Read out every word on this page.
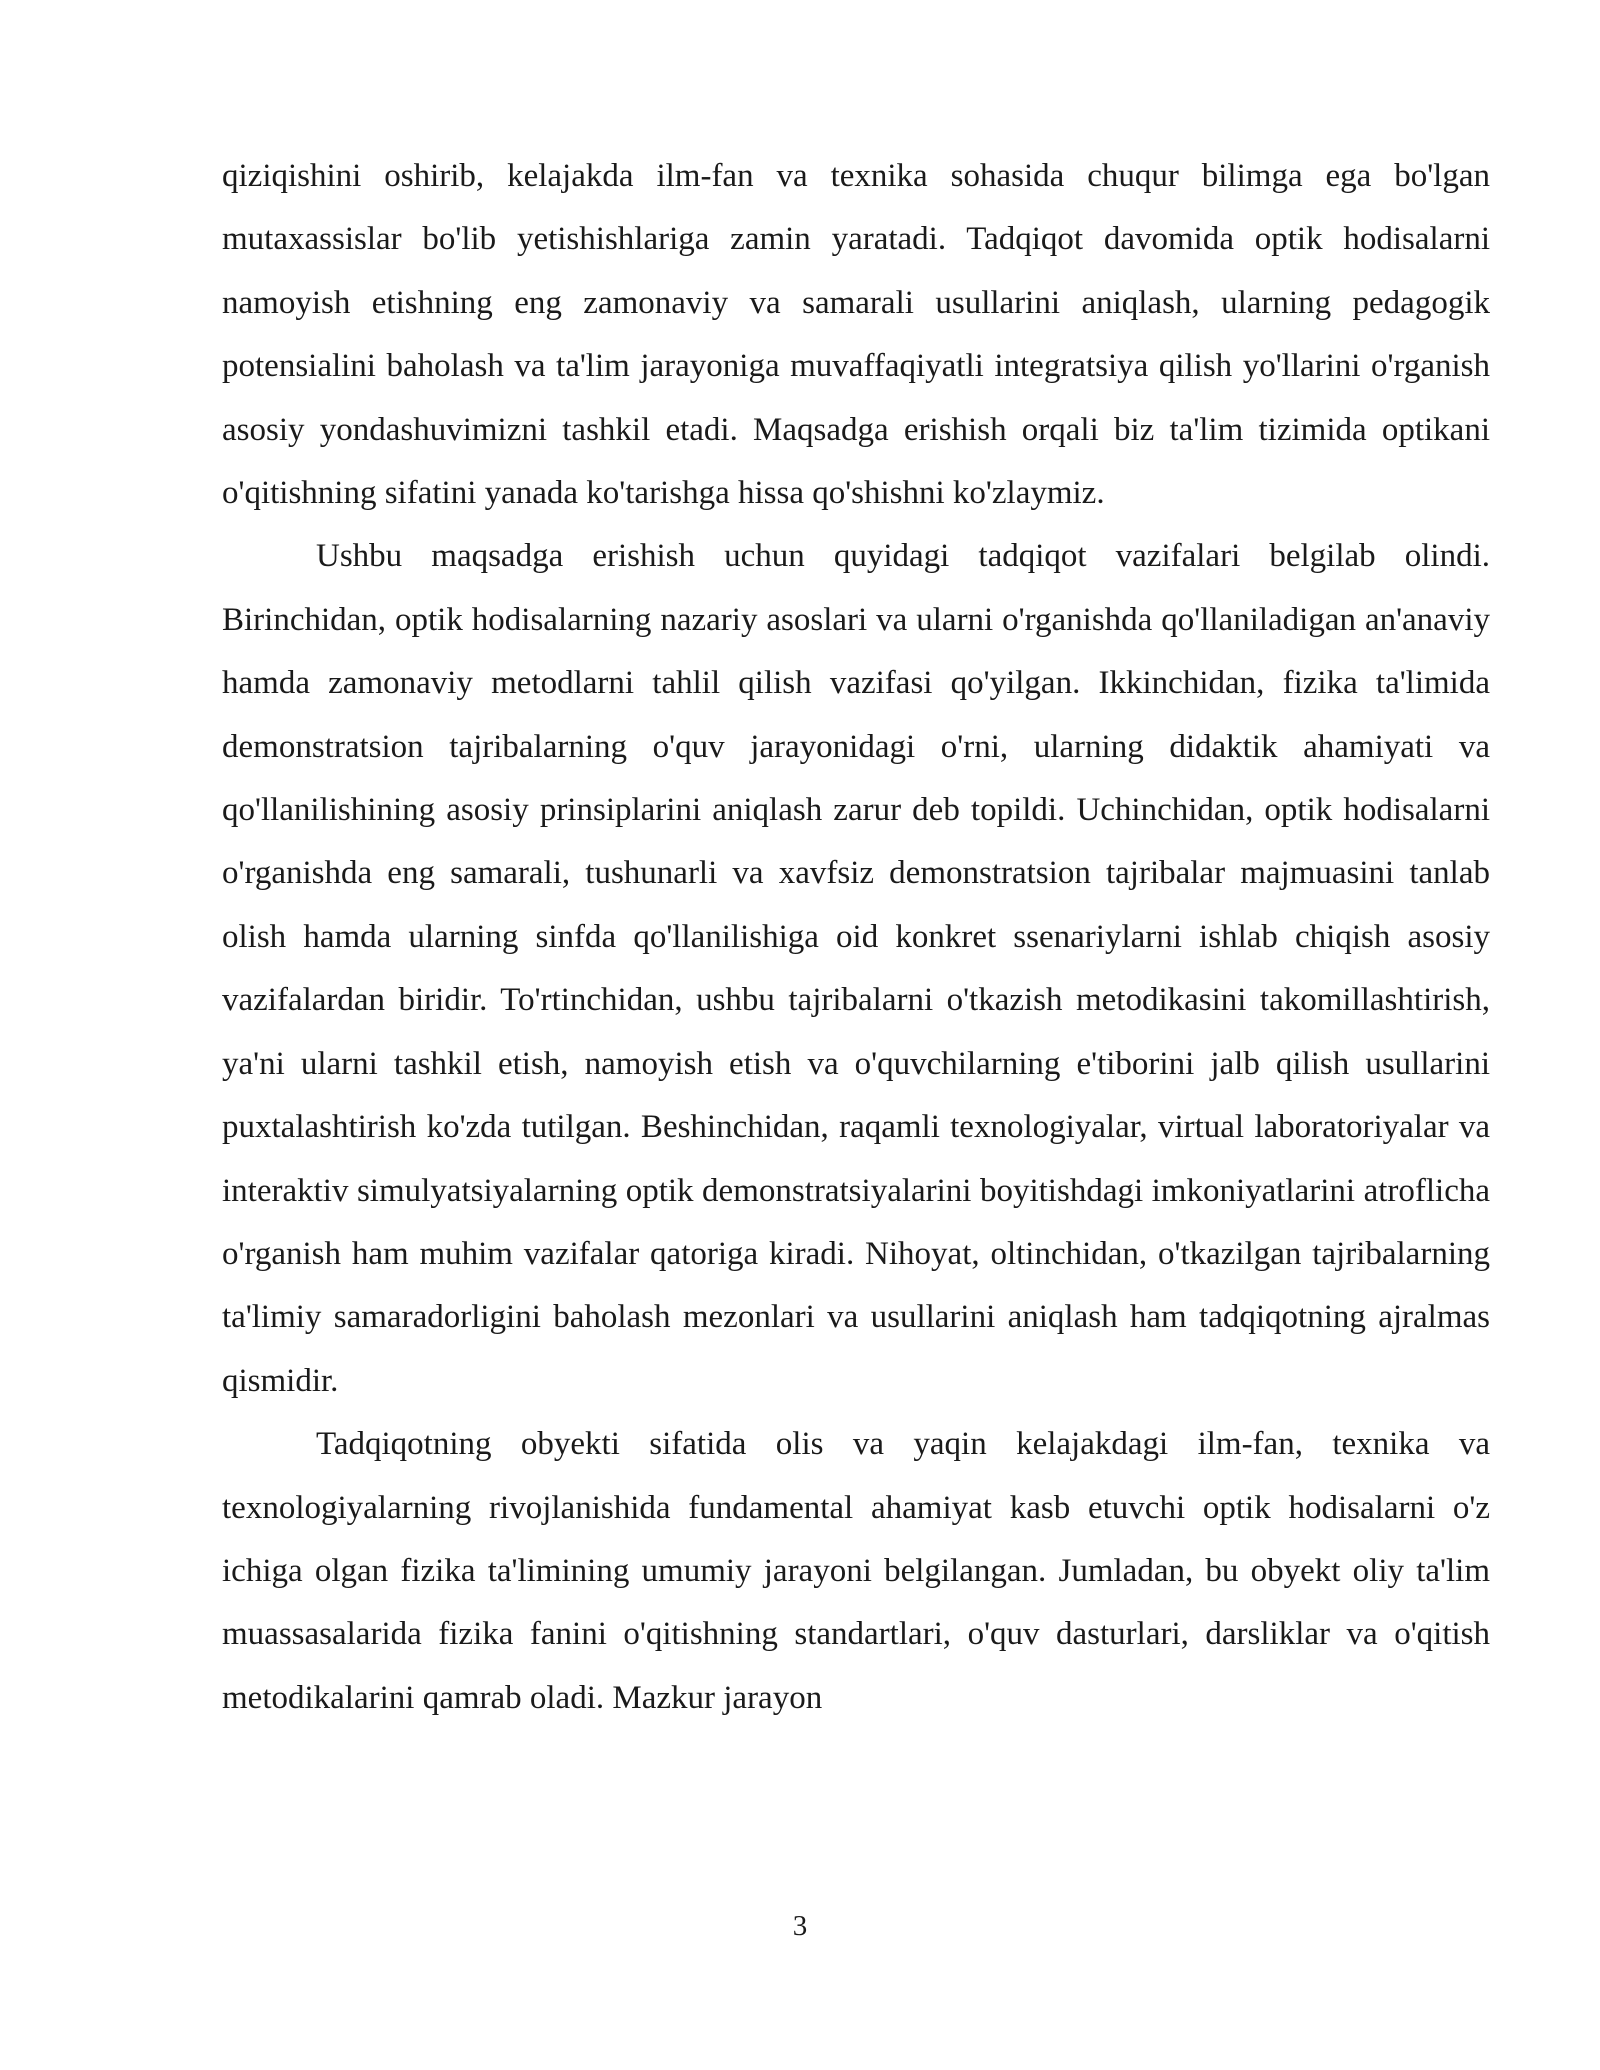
qiziqishini oshirib, kelajakda ilm-fan va texnika sohasida chuqur bilimga ega bo'lgan mutaxassislar bo'lib yetishishlariga zamin yaratadi. Tadqiqot davomida optik hodisalarni namoyish etishning eng zamonaviy va samarali usullarini aniqlash, ularning pedagogik potensialini baholash va ta'lim jarayoniga muvaffaqiyatli integratsiya qilish yo'llarini o'rganish asosiy yondashuvimizni tashkil etadi. Maqsadga erishish orqali biz ta'lim tizimida optikani o'qitishning sifatini yanada ko'tarishga hissa qo'shishni ko'zlaymiz.

Ushbu maqsadga erishish uchun quyidagi tadqiqot vazifalari belgilab olindi. Birinchidan, optik hodisalarning nazariy asoslari va ularni o'rganishda qo'llaniladigan an'anaviy hamda zamonaviy metodlarni tahlil qilish vazifasi qo'yilgan. Ikkinchidan, fizika ta'limida demonstratsion tajribalarning o'quv jarayonidagi o'rni, ularning didaktik ahamiyati va qo'llanilishining asosiy prinsiplarini aniqlash zarur deb topildi. Uchinchidan, optik hodisalarni o'rganishda eng samarali, tushunarli va xavfsiz demonstratsion tajribalar majmuasini tanlab olish hamda ularning sinfda qo'llanilishiga oid konkret ssenariylarni ishlab chiqish asosiy vazifalardan biridir. To'rtinchidan, ushbu tajribalarni o'tkazish metodikasini takomillashtirish, ya'ni ularni tashkil etish, namoyish etish va o'quvchilarning e'tiborini jalb qilish usullarini puxtalashtirish ko'zda tutilgan. Beshinchidan, raqamli texnologiyalar, virtual laboratoriyalar va interaktiv simulyatsiyalarning optik demonstratsiyalarini boyitishdagi imkoniyatlarini atroflicha o'rganish ham muhim vazifalar qatoriga kiradi. Nihoyat, oltinchidan, o'tkazilgan tajribalarning ta'limiy samaradorligini baholash mezonlari va usullarini aniqlash ham tadqiqotning ajralmas qismidir.

Tadqiqotning obyekti sifatida olis va yaqin kelajakdagi ilm-fan, texnika va texnologiyalarning rivojlanishida fundamental ahamiyat kasb etuvchi optik hodisalarni o'z ichiga olgan fizika ta'limining umumiy jarayoni belgilangan. Jumladan, bu obyekt oliy ta'lim muassasalarida fizika fanini o'qitishning standartlari, o'quv dasturlari, darsliklar va o'qitish metodikalarini qamrab oladi. Mazkur jarayon

3
